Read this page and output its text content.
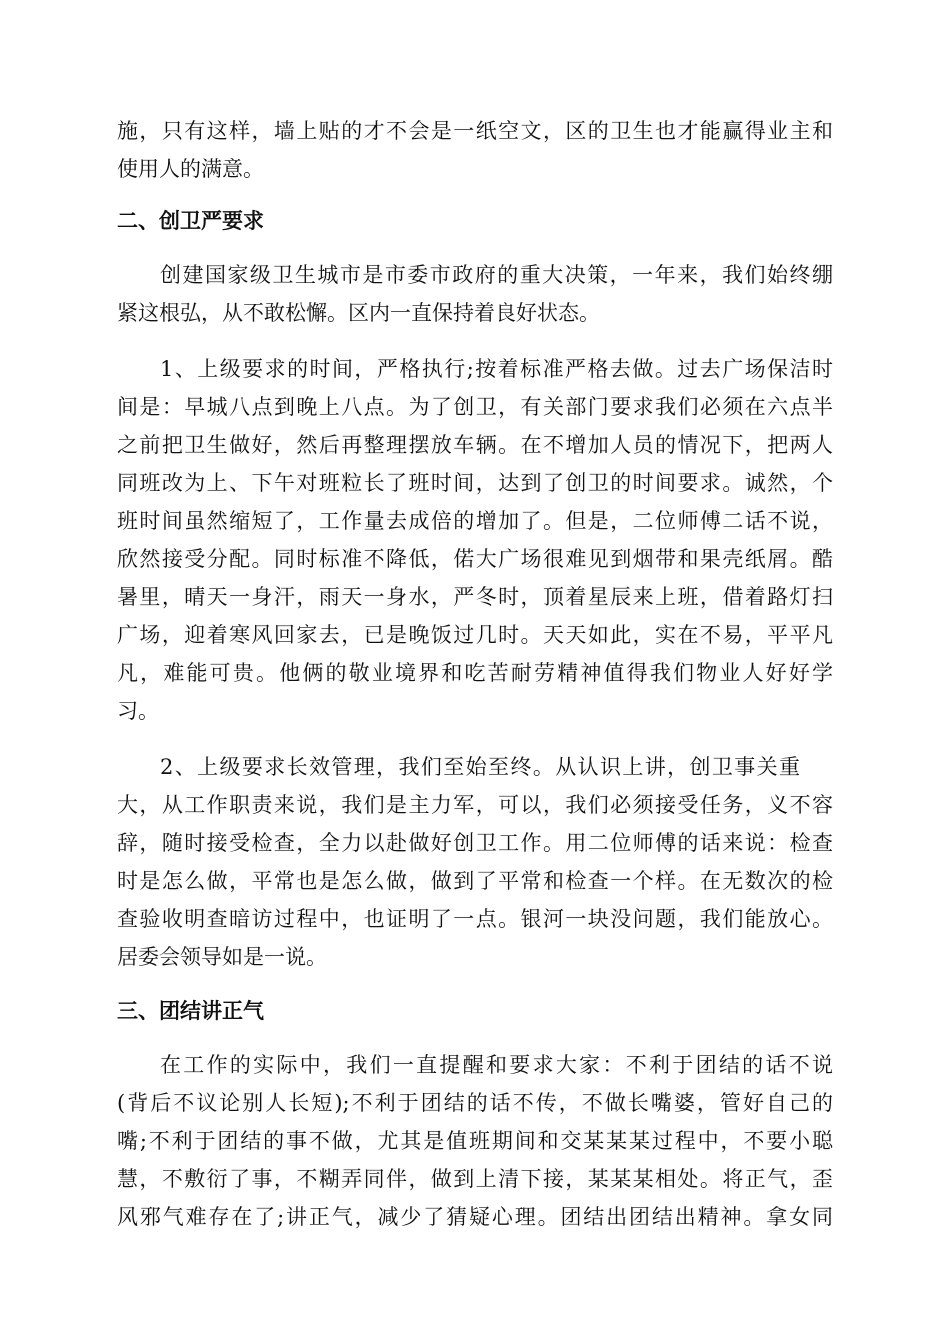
施，只有这样，墙上贴的才不会是一纸空文，区的卫生也才能赢得业主和
使用人的满意。
二、创卫严要求
创建国家级卫生城市是市委市政府的重大决策，一年来，我们始终绷
紧这根弘，从不敢松懈。区内一直保持着良好状态。
1、上级要求的时间，严格执行;按着标准严格去做。过去广场保洁时
间是：早城八点到晚上八点。为了创卫，有关部门要求我们必须在六点半
之前把卫生做好，然后再整理摆放车辆。在不增加人员的情况下，把两人
同班改为上、下午对班粒长了班时间，达到了创卫的时间要求。诚然，个
班时间虽然缩短了，工作量去成倍的增加了。但是，二位师傅二话不说，
欣然接受分配。同时标准不降低，偌大广场很难见到烟带和果壳纸屑。酷
暑里，晴天一身汗，雨天一身水，严冬时，顶着星辰来上班，借着路灯扫
广场，迎着寒风回家去，已是晚饭过几时。天天如此，实在不易，平平凡
凡，难能可贵。他俩的敬业境界和吃苦耐劳精神值得我们物业人好好学
习。
2、上级要求长效管理，我们至始至终。从认识上讲，创卫事关重
大，从工作职责来说，我们是主力军，可以，我们必须接受任务，义不容
辞，随时接受检查，全力以赴做好创卫工作。用二位师傅的话来说：检查
时是怎么做，平常也是怎么做，做到了平常和检查一个样。在无数次的检
查验收明查暗访过程中，也证明了一点。银河一块没问题，我们能放心。
居委会领导如是一说。
三、团结讲正气
在工作的实际中，我们一直提醒和要求大家：不利于团结的话不说
(背后不议论别人长短);不利于团结的话不传，不做长嘴婆，管好自己的
嘴;不利于团结的事不做，尤其是值班期间和交某某某过程中，不要小聪
慧，不敷衍了事，不糊弄同伴，做到上清下接，某某某相处。将正气，歪
风邪气难存在了;讲正气，减少了猜疑心理。团结出团结出精神。拿女同
